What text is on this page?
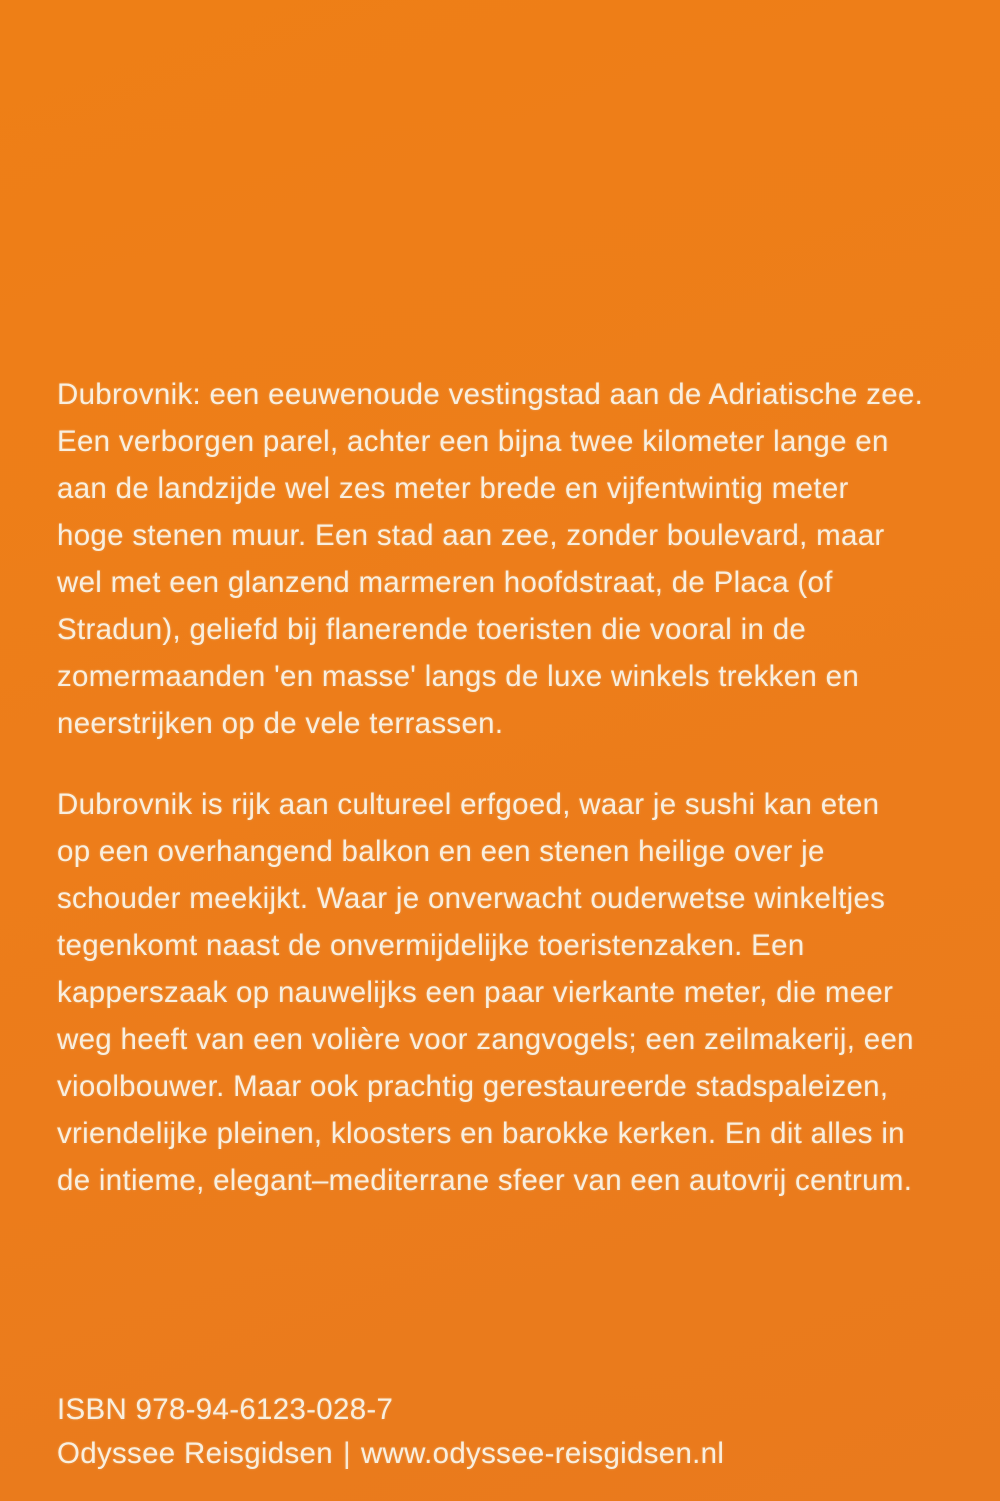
Dubrovnik: een eeuwenoude vestingstad aan de Adriatische zee.
Een verborgen parel, achter een bijna twee kilometer lange en
aan de landzijde wel zes meter brede en vijfentwintig meter
hoge stenen muur. Een stad aan zee, zonder boulevard, maar
wel met een glanzend marmeren hoofdstraat, de Placa (of
Stradun), geliefd bij flanerende toeristen die vooral in de
zomermaanden 'en masse' langs de luxe winkels trekken en
neerstrijken op de vele terrassen.

Dubrovnik is rijk aan cultureel erfgoed, waar je sushi kan eten
op een overhangend balkon en een stenen heilige over je
schouder meekijkt. Waar je onverwacht ouderwetse winkeltjes
tegenkomt naast de onvermijdelijke toeristenzaken. Een
kapperszaak op nauwelijks een paar vierkante meter, die meer
weg heeft van een volière voor zangvogels; een zeilmakerij, een
vioolbouwer. Maar ook prachtig gerestaureerde stadspaleizen,
vriendelijke pleinen, kloosters en barokke kerken. En dit alles in
de intieme, elegant–mediterrane sfeer van een autovrij centrum.

ISBN 978-94-6123-028-7
Odyssee Reisgidsen | www.odyssee-reisgidsen.nl
